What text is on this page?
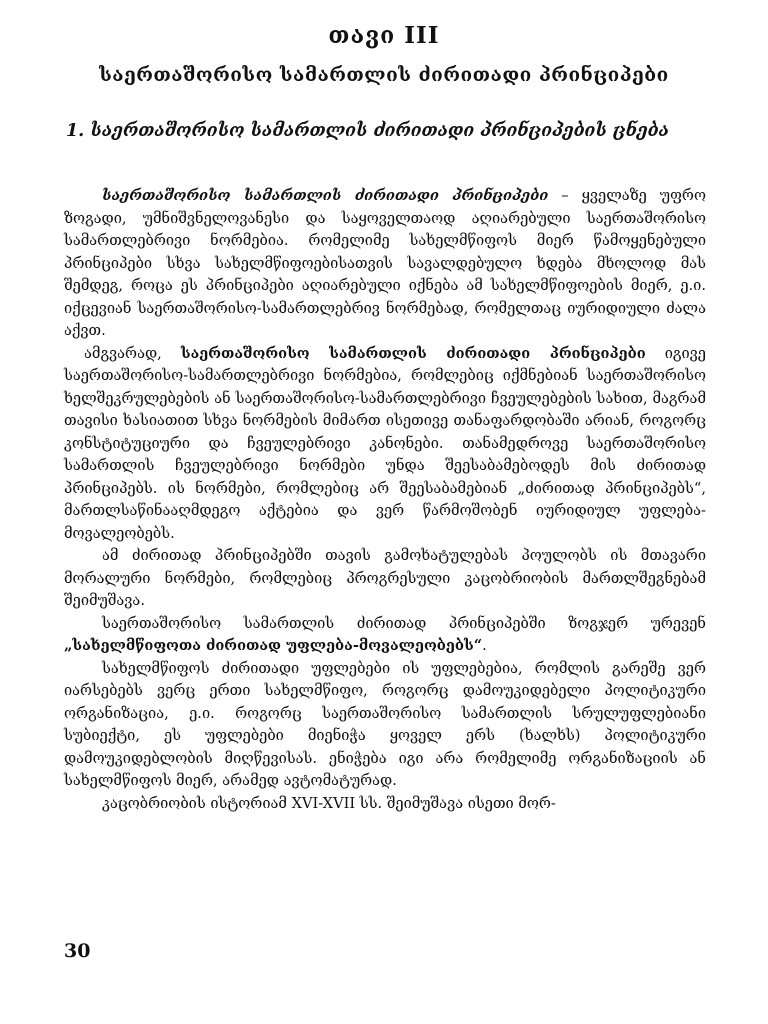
თავი III
საერთაშორისო სამართლის ძირითადი პრინციპები
1. საერთაშორისო სამართლის ძირითადი პრინციპების ცნება

საერთაშორისო სამართლის ძირითადი პრინციპები – ყველაზე უფრო ზოგადი, უმნიშვნელოვანესი და საყოველთაოდ აღიარებული საერთაშორისო სამართლებრივი ნორმებია. რომელიმე სახელმწიფოს მიერ წამოყენებული პრინციპები სხვა სახელმწიფოებისათვის სავალდებულო ხდება მხოლოდ მას შემდეგ, როცა ეს პრინციპები აღიარებული იქნება ამ სახელმწიფოების მიერ, ე.ი. იქცევიან საერთაშორისო-სამართლებრივ ნორმებად, რომელთაც იურიდიული ძალა აქვთ.

ამგვარად, საერთაშორისო სამართლის ძირითადი პრინციპები იგივე საერთაშორისო-სამართლებრივი ნორმებია, რომლებიც იქმნებიან საერთაშორისო ხელშეკრულებების ან საერთაშორისო-სამართლებრივი ჩვეულებების სახით, მაგრამ თავისი ხასიათით სხვა ნორმების მიმართ ისეთივე თანაფარდობაში არიან, როგორც კონსტიტუციური და ჩვეულებრივი კანონები. თანამედროვე საერთაშორისო სამართლის ჩვეულებრივი ნორმები უნდა შეესაბამებოდეს მის ძირითად პრინციპებს. ის ნორმები, რომლებიც არ შეესაბამებიან „ძირითად პრინციპებს“, მართლსაწინააღმდეგო აქტებია და ვერ წარმოშობენ იურიდიულ უფლება-მოვალეობებს.

ამ ძირითად პრინციპებში თავის გამოხატულებას პოულობს ის მთავარი მორალური ნორმები, რომლებიც პროგრესული კაცობრიობის მართლშეგნებამ შეიმუშავა.

საერთაშორისო სამართლის ძირითად პრინციპებში ზოგჯერ ურევენ „სახელმწიფოთა ძირითად უფლება-მოვალეობებს“.

სახელმწიფოს ძირითადი უფლებები ის უფლებებია, რომლის გარეშე ვერ იარსებებს ვერც ერთი სახელმწიფო, როგორც დამოუკიდებელი პოლიტიკური ორგანიზაცია, ე.ი. როგორც საერთაშორისო სამართლის სრულუფლებიანი სუბიექტი, ეს უფლებები მიენიჭა ყოველ ერს (ხალხს) პოლიტიკური დამოუკიდებლობის მიღწევისას. ენიჭება იგი არა რომელიმე ორგანიზაციის ან სახელმწიფოს მიერ, არამედ ავტომატურად.

კაცობრიობის ისტორიამ XVI-XVII სს. შეიმუშავა ისეთი მორ-

30
